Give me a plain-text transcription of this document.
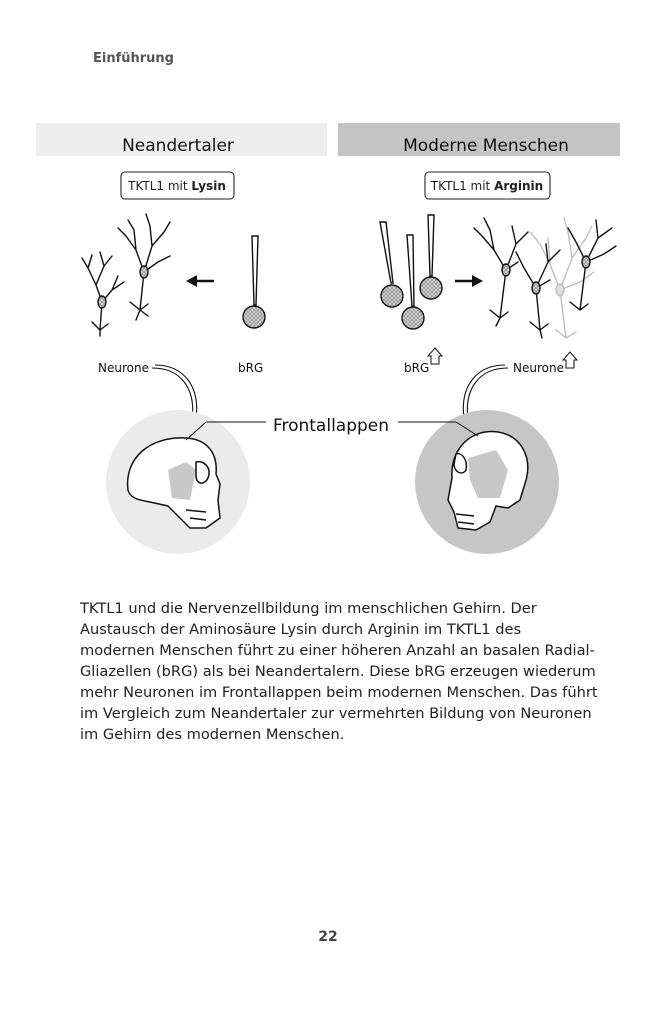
Einführung
Neandertaler	Moderne Menschen
TKTL1 mit Lysin	TKTL1 mit Arginin
Neurone	bRG	bRG	Neurone
Frontallappen

TKTL1 und die Nervenzellbildung im menschlichen Gehirn. Der Austausch der Aminosäure Lysin durch Arginin im TKTL1 des modernen Menschen führt zu einer höheren Anzahl an basalen Radial-Gliazellen (bRG) als bei Neandertalern. Diese bRG erzeugen wiederum mehr Neuronen im Frontallappen beim modernen Menschen. Das führt im Vergleich zum Neandertaler zur vermehrten Bildung von Neuronen im Gehirn des modernen Menschen.

22
